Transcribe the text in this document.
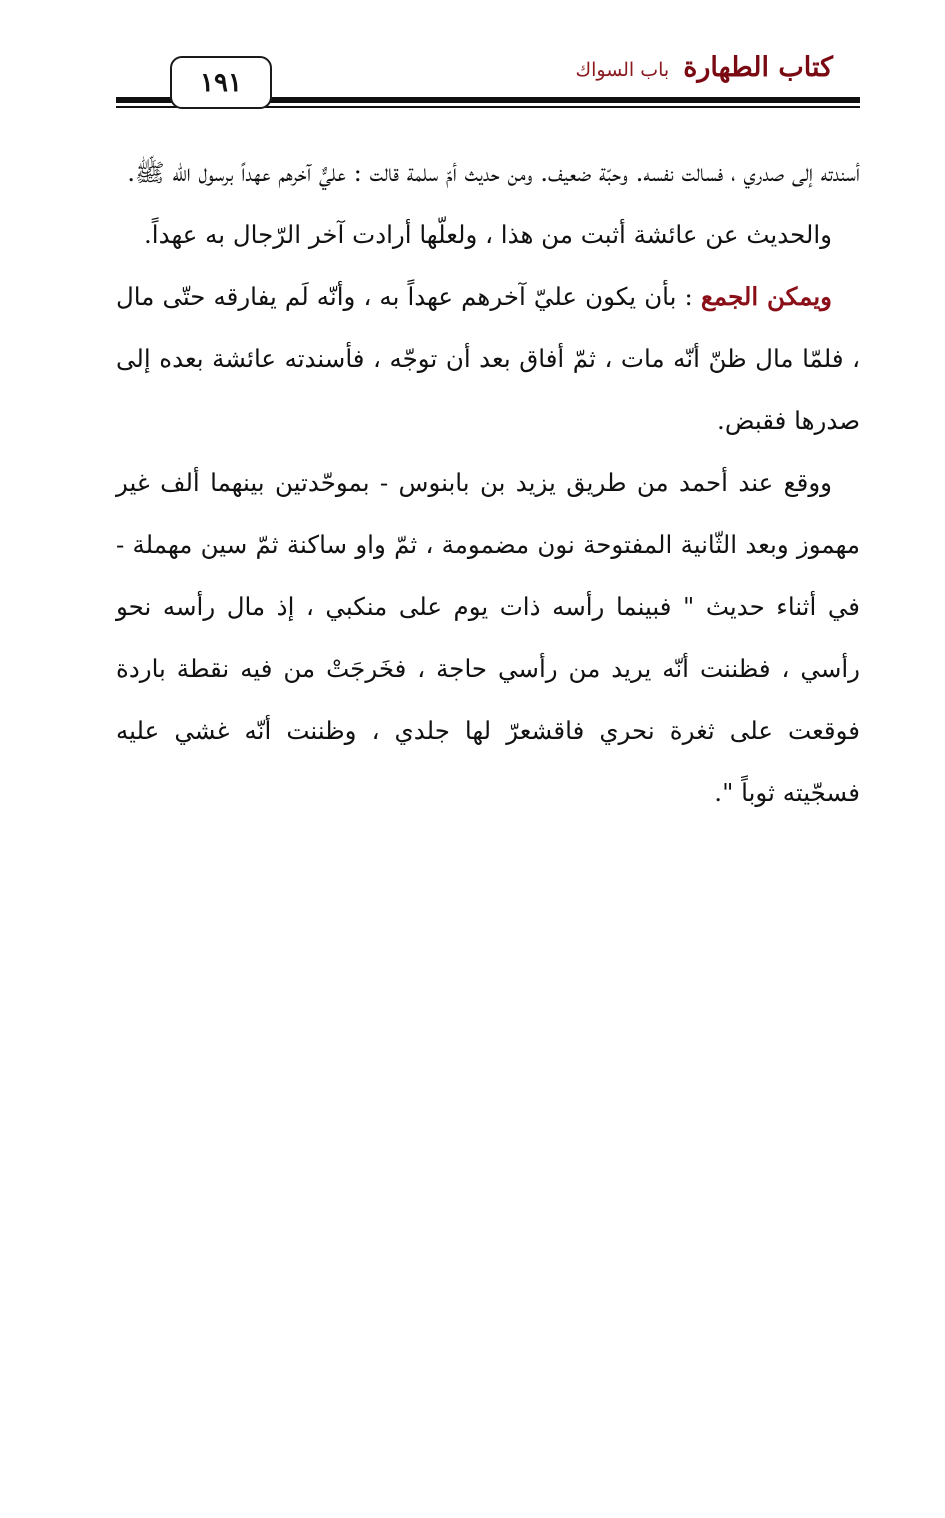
كتاب الطهارة
باب السواك
١٩١

أسندته إلى صدري ، فسالت نفسه. وحبّة ضعيف. ومن حديث أمّ سلمة قالت : عليٌّ آخرهم عهداً برسول الله ﷺ.

والحديث عن عائشة أثبت من هذا ، ولعلّها أرادت آخر الرّجال به عهداً.

ويمكن الجمع : بأن يكون عليّ آخرهم عهداً به ، وأنّه لَم يفارقه حتّى مال ، فلمّا مال ظنّ أنّه مات ، ثمّ أفاق بعد أن توجّه ، فأسندته عائشة بعده إلى صدرها فقبض.

ووقع عند أحمد من طريق يزيد بن بابنوس - بموحّدتين بينهما ألف غير مهموز وبعد الثّانية المفتوحة نون مضمومة ، ثمّ واو ساكنة ثمّ سين مهملة - في أثناء حديث " فبينما رأسه ذات يوم على منكبي ، إذ مال رأسه نحو رأسي ، فظننت أنّه يريد من رأسي حاجة ، فخَرجَتْ من فيه نقطة باردة فوقعت على ثغرة نحري فاقشعرّ لها جلدي ، وظننت أنّه غشي عليه فسجّيته ثوباً ".
